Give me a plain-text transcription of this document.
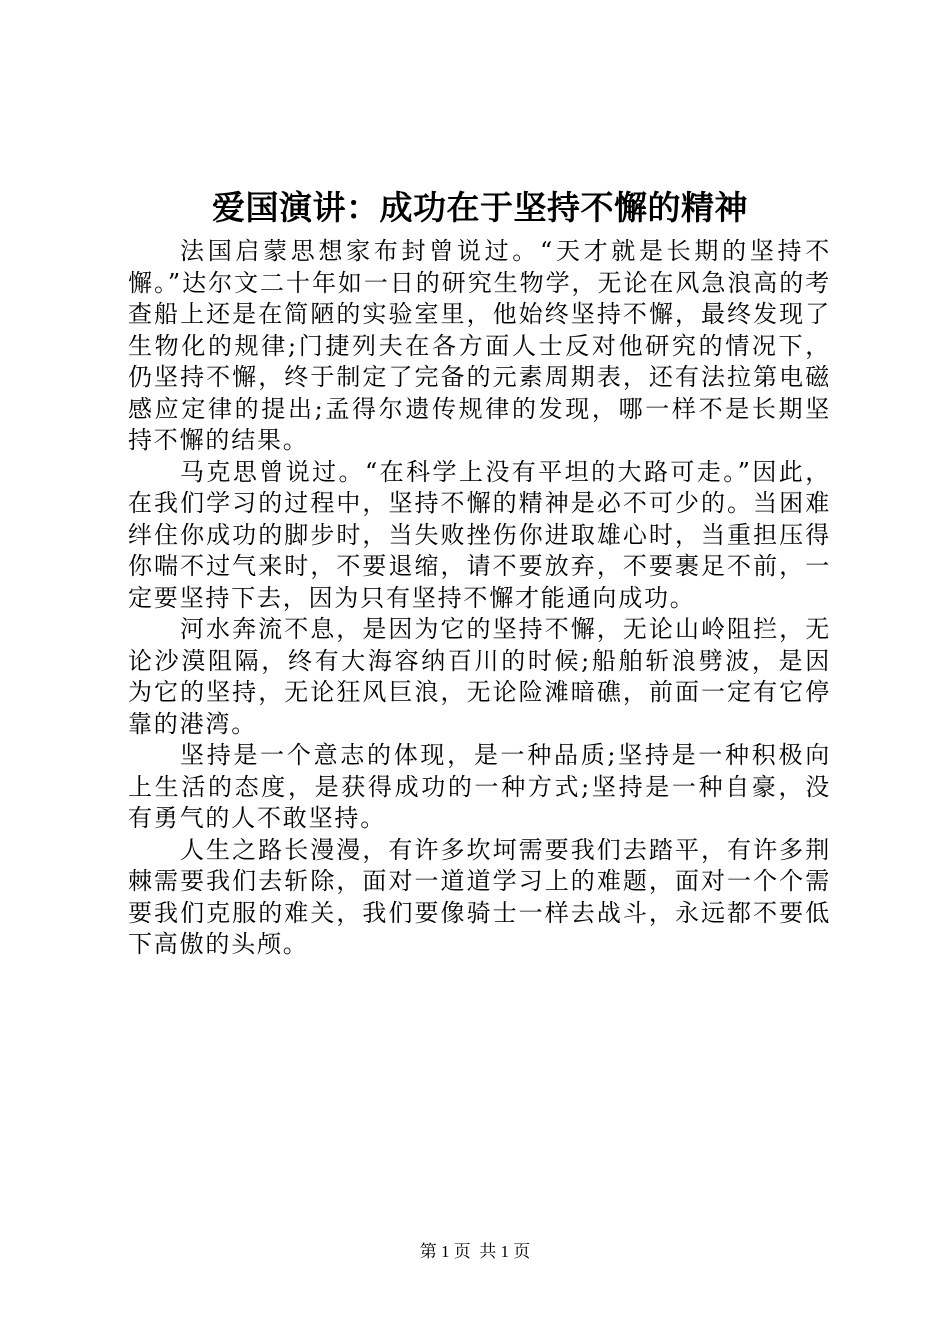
爱国演讲：成功在于坚持不懈的精神

法国启蒙思想家布封曾说过。“天才就是长期的坚持不懈。”达尔文二十年如一日的研究生物学，无论在风急浪高的考查船上还是在简陋的实验室里，他始终坚持不懈，最终发现了生物化的规律;门捷列夫在各方面人士反对他研究的情况下，仍坚持不懈，终于制定了完备的元素周期表，还有法拉第电磁感应定律的提出;孟得尔遗传规律的发现，哪一样不是长期坚持不懈的结果。

马克思曾说过。“在科学上没有平坦的大路可走。”因此，在我们学习的过程中，坚持不懈的精神是必不可少的。当困难绊住你成功的脚步时，当失败挫伤你进取雄心时，当重担压得你喘不过气来时，不要退缩，请不要放弃，不要裹足不前，一定要坚持下去，因为只有坚持不懈才能通向成功。

河水奔流不息，是因为它的坚持不懈，无论山岭阻拦，无论沙漠阻隔，终有大海容纳百川的时候;船舶斩浪劈波，是因为它的坚持，无论狂风巨浪，无论险滩暗礁，前面一定有它停靠的港湾。

坚持是一个意志的体现，是一种品质;坚持是一种积极向上生活的态度，是获得成功的一种方式;坚持是一种自豪，没有勇气的人不敢坚持。

人生之路长漫漫，有许多坎坷需要我们去踏平，有许多荆棘需要我们去斩除，面对一道道学习上的难题，面对一个个需要我们克服的难关，我们要像骑士一样去战斗，永远都不要低下高傲的头颅。

第 1 页  共 1 页
